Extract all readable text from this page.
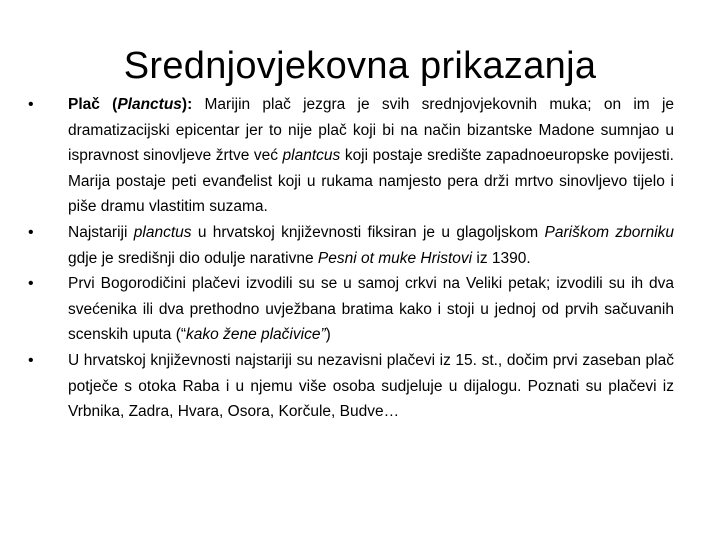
Srednjovjekovna prikazanja
•	Plač (Planctus): Marijin plač jezgra je svih srednjovjekovnih muka; on im je dramatizacijski epicentar jer to nije plač koji bi na način bizantske Madone sumnjao u ispravnost sinovljeve žrtve već plantcus koji postaje središte zapadnoeuropske povijesti. Marija postaje peti evanđelist koji u rukama namjesto pera drži mrtvo sinovljevo tijelo i piše dramu vlastitim suzama.
•	Najstariji planctus u hrvatskoj književnosti fiksiran je u glagoljskom Pariškom zborniku gdje je središnji dio odulje narativne Pesni ot muke Hristovi iz 1390.
•	Prvi Bogorodičini plačevi izvodili su se u samoj crkvi na Veliki petak; izvodili su ih dva svećenika ili dva prethodno uvježbana bratima kako i stoji u jednoj od prvih sačuvanih scenskih uputa (“kako žene plačivice”)
•	U hrvatskoj književnosti najstariji su nezavisni plačevi iz 15. st., dočim prvi zaseban plač potječe s otoka Raba i u njemu više osoba sudjeluje u dijalogu. Poznati su plačevi iz Vrbnika, Zadra, Hvara, Osora, Korčule, Budve…
